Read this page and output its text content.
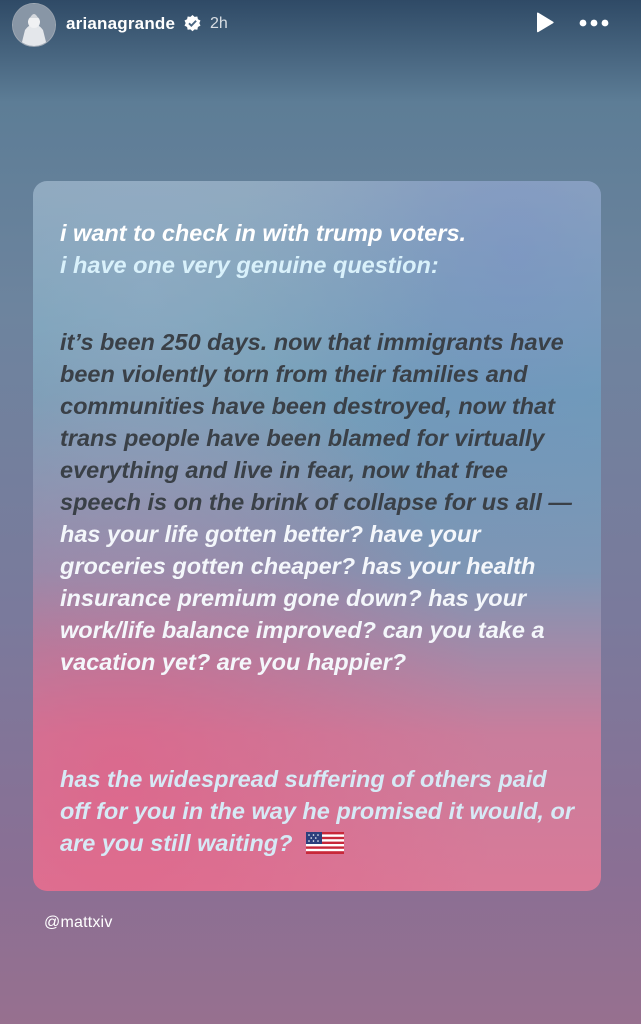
arianagrande 2h

i want to check in with trump voters.
i have one very genuine question:

it’s been 250 days. now that immigrants have been violently torn from their families and communities have been destroyed, now that trans people have been blamed for virtually everything and live in fear, now that free speech is on the brink of collapse for us all — has your life gotten better? have your groceries gotten cheaper? has your health insurance premium gone down? has your work/life balance improved? can you take a vacation yet? are you happier?

has the widespread suffering of others paid off for you in the way he promised it would, or are you still waiting?

@mattxiv
